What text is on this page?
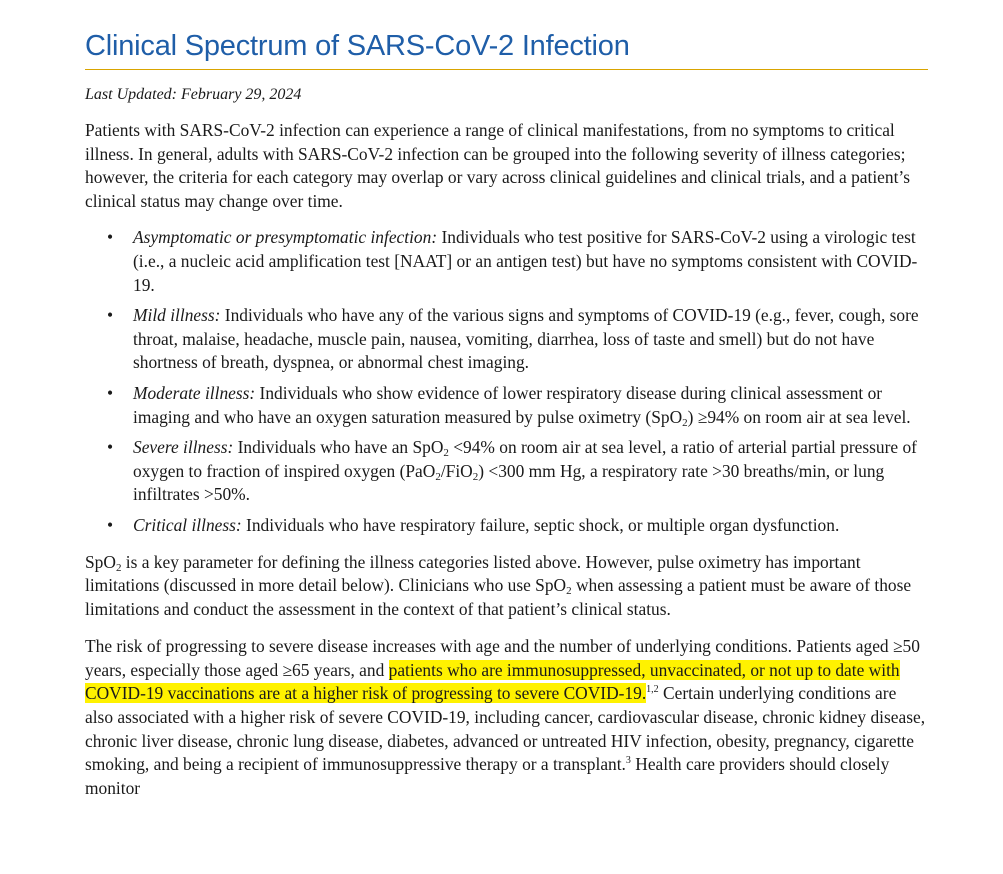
Clinical Spectrum of SARS-CoV-2 Infection
Last Updated: February 29, 2024

Patients with SARS-CoV-2 infection can experience a range of clinical manifestations, from no symptoms to critical illness. In general, adults with SARS-CoV-2 infection can be grouped into the following severity of illness categories; however, the criteria for each category may overlap or vary across clinical guidelines and clinical trials, and a patient’s clinical status may change over time.

• Asymptomatic or presymptomatic infection: Individuals who test positive for SARS-CoV-2 using a virologic test (i.e., a nucleic acid amplification test [NAAT] or an antigen test) but have no symptoms consistent with COVID-19.
• Mild illness: Individuals who have any of the various signs and symptoms of COVID-19 (e.g., fever, cough, sore throat, malaise, headache, muscle pain, nausea, vomiting, diarrhea, loss of taste and smell) but do not have shortness of breath, dyspnea, or abnormal chest imaging.
• Moderate illness: Individuals who show evidence of lower respiratory disease during clinical assessment or imaging and who have an oxygen saturation measured by pulse oximetry (SpO$_2$) ≥94% on room air at sea level.
• Severe illness: Individuals who have an SpO$_2$ <94% on room air at sea level, a ratio of arterial partial pressure of oxygen to fraction of inspired oxygen (PaO$_2$/FiO$_2$) <300 mm Hg, a respiratory rate >30 breaths/min, or lung infiltrates >50%.
• Critical illness: Individuals who have respiratory failure, septic shock, or multiple organ dysfunction.

SpO$_2$ is a key parameter for defining the illness categories listed above. However, pulse oximetry has important limitations (discussed in more detail below). Clinicians who use SpO$_2$ when assessing a patient must be aware of those limitations and conduct the assessment in the context of that patient’s clinical status.

The risk of progressing to severe disease increases with age and the number of underlying conditions. Patients aged ≥50 years, especially those aged ≥65 years, and patients who are immunosuppressed, unvaccinated, or not up to date with COVID-19 vaccinations are at a higher risk of progressing to severe COVID-19.$^{1,2}$ Certain underlying conditions are also associated with a higher risk of severe COVID-19, including cancer, cardiovascular disease, chronic kidney disease, chronic liver disease, chronic lung disease, diabetes, advanced or untreated HIV infection, obesity, pregnancy, cigarette smoking, and being a recipient of immunosuppressive therapy or a transplant.$^3$ Health care providers should closely monitor
